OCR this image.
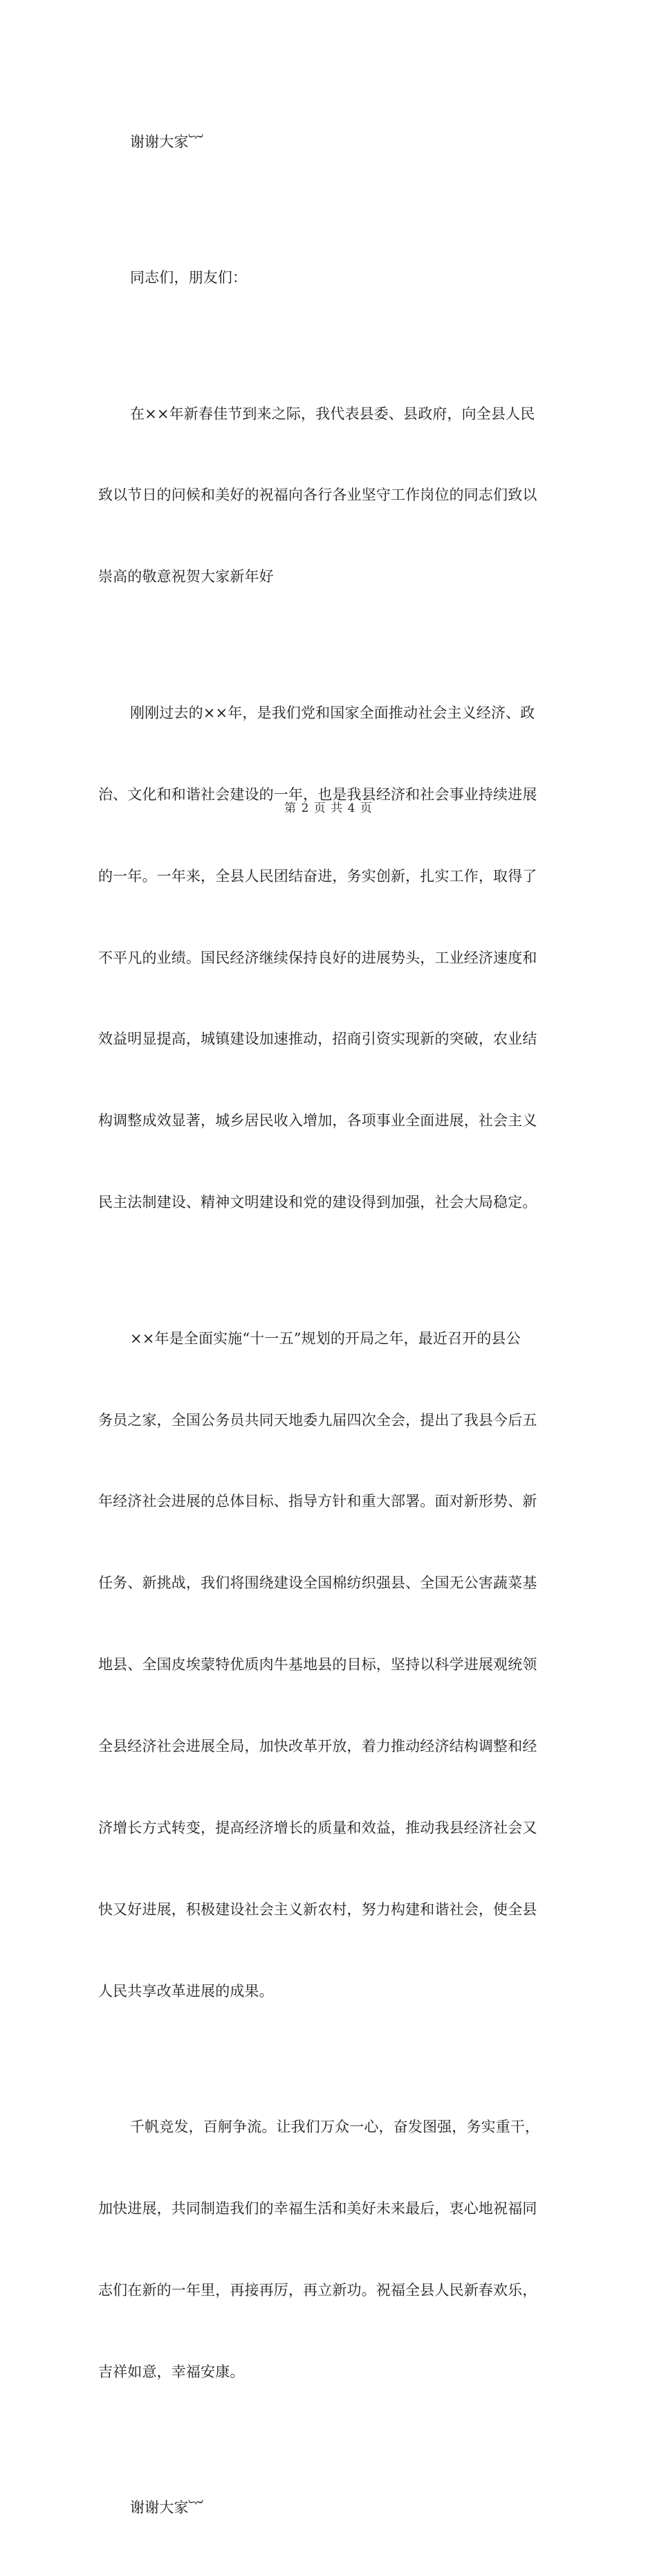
谢谢大家︸

同志们，朋友们：

在××年新春佳节到来之际，我代表县委、县政府，向全县人民

致以节日的问候和美好的祝福向各行各业坚守工作岗位的同志们致以

崇高的敬意祝贺大家新年好

刚刚过去的××年，是我们党和国家全面推动社会主义经济、政

治、文化和和谐社会建设的一年，也是我县经济和社会事业持续进展

的一年。一年来，全县人民团结奋进，务实创新，扎实工作，取得了

不平凡的业绩。国民经济继续保持良好的进展势头，工业经济速度和

效益明显提高，城镇建设加速推动，招商引资实现新的突破，农业结

构调整成效显著，城乡居民收入增加，各项事业全面进展，社会主义

民主法制建设、精神文明建设和党的建设得到加强，社会大局稳定。

××年是全面实施“十一五”规划的开局之年，最近召开的县公

务员之家，全国公务员共同天地委九届四次全会，提出了我县今后五

年经济社会进展的总体目标、指导方针和重大部署。面对新形势、新

任务、新挑战，我们将围绕建设全国棉纺织强县、全国无公害蔬菜基

地县、全国皮埃蒙特优质肉牛基地县的目标，坚持以科学进展观统领

全县经济社会进展全局，加快改革开放，着力推动经济结构调整和经

济增长方式转变，提高经济增长的质量和效益，推动我县经济社会又

快又好进展，积极建设社会主义新农村，努力构建和谐社会，使全县

人民共享改革进展的成果。

千帆竞发，百舸争流。让我们万众一心，奋发图强，务实重干，

加快进展，共同制造我们的幸福生活和美好未来最后，衷心地祝福同

志们在新的一年里，再接再厉，再立新功。祝福全县人民新春欢乐，

吉祥如意，幸福安康。

谢谢大家︸

第 2 页 共 4 页
